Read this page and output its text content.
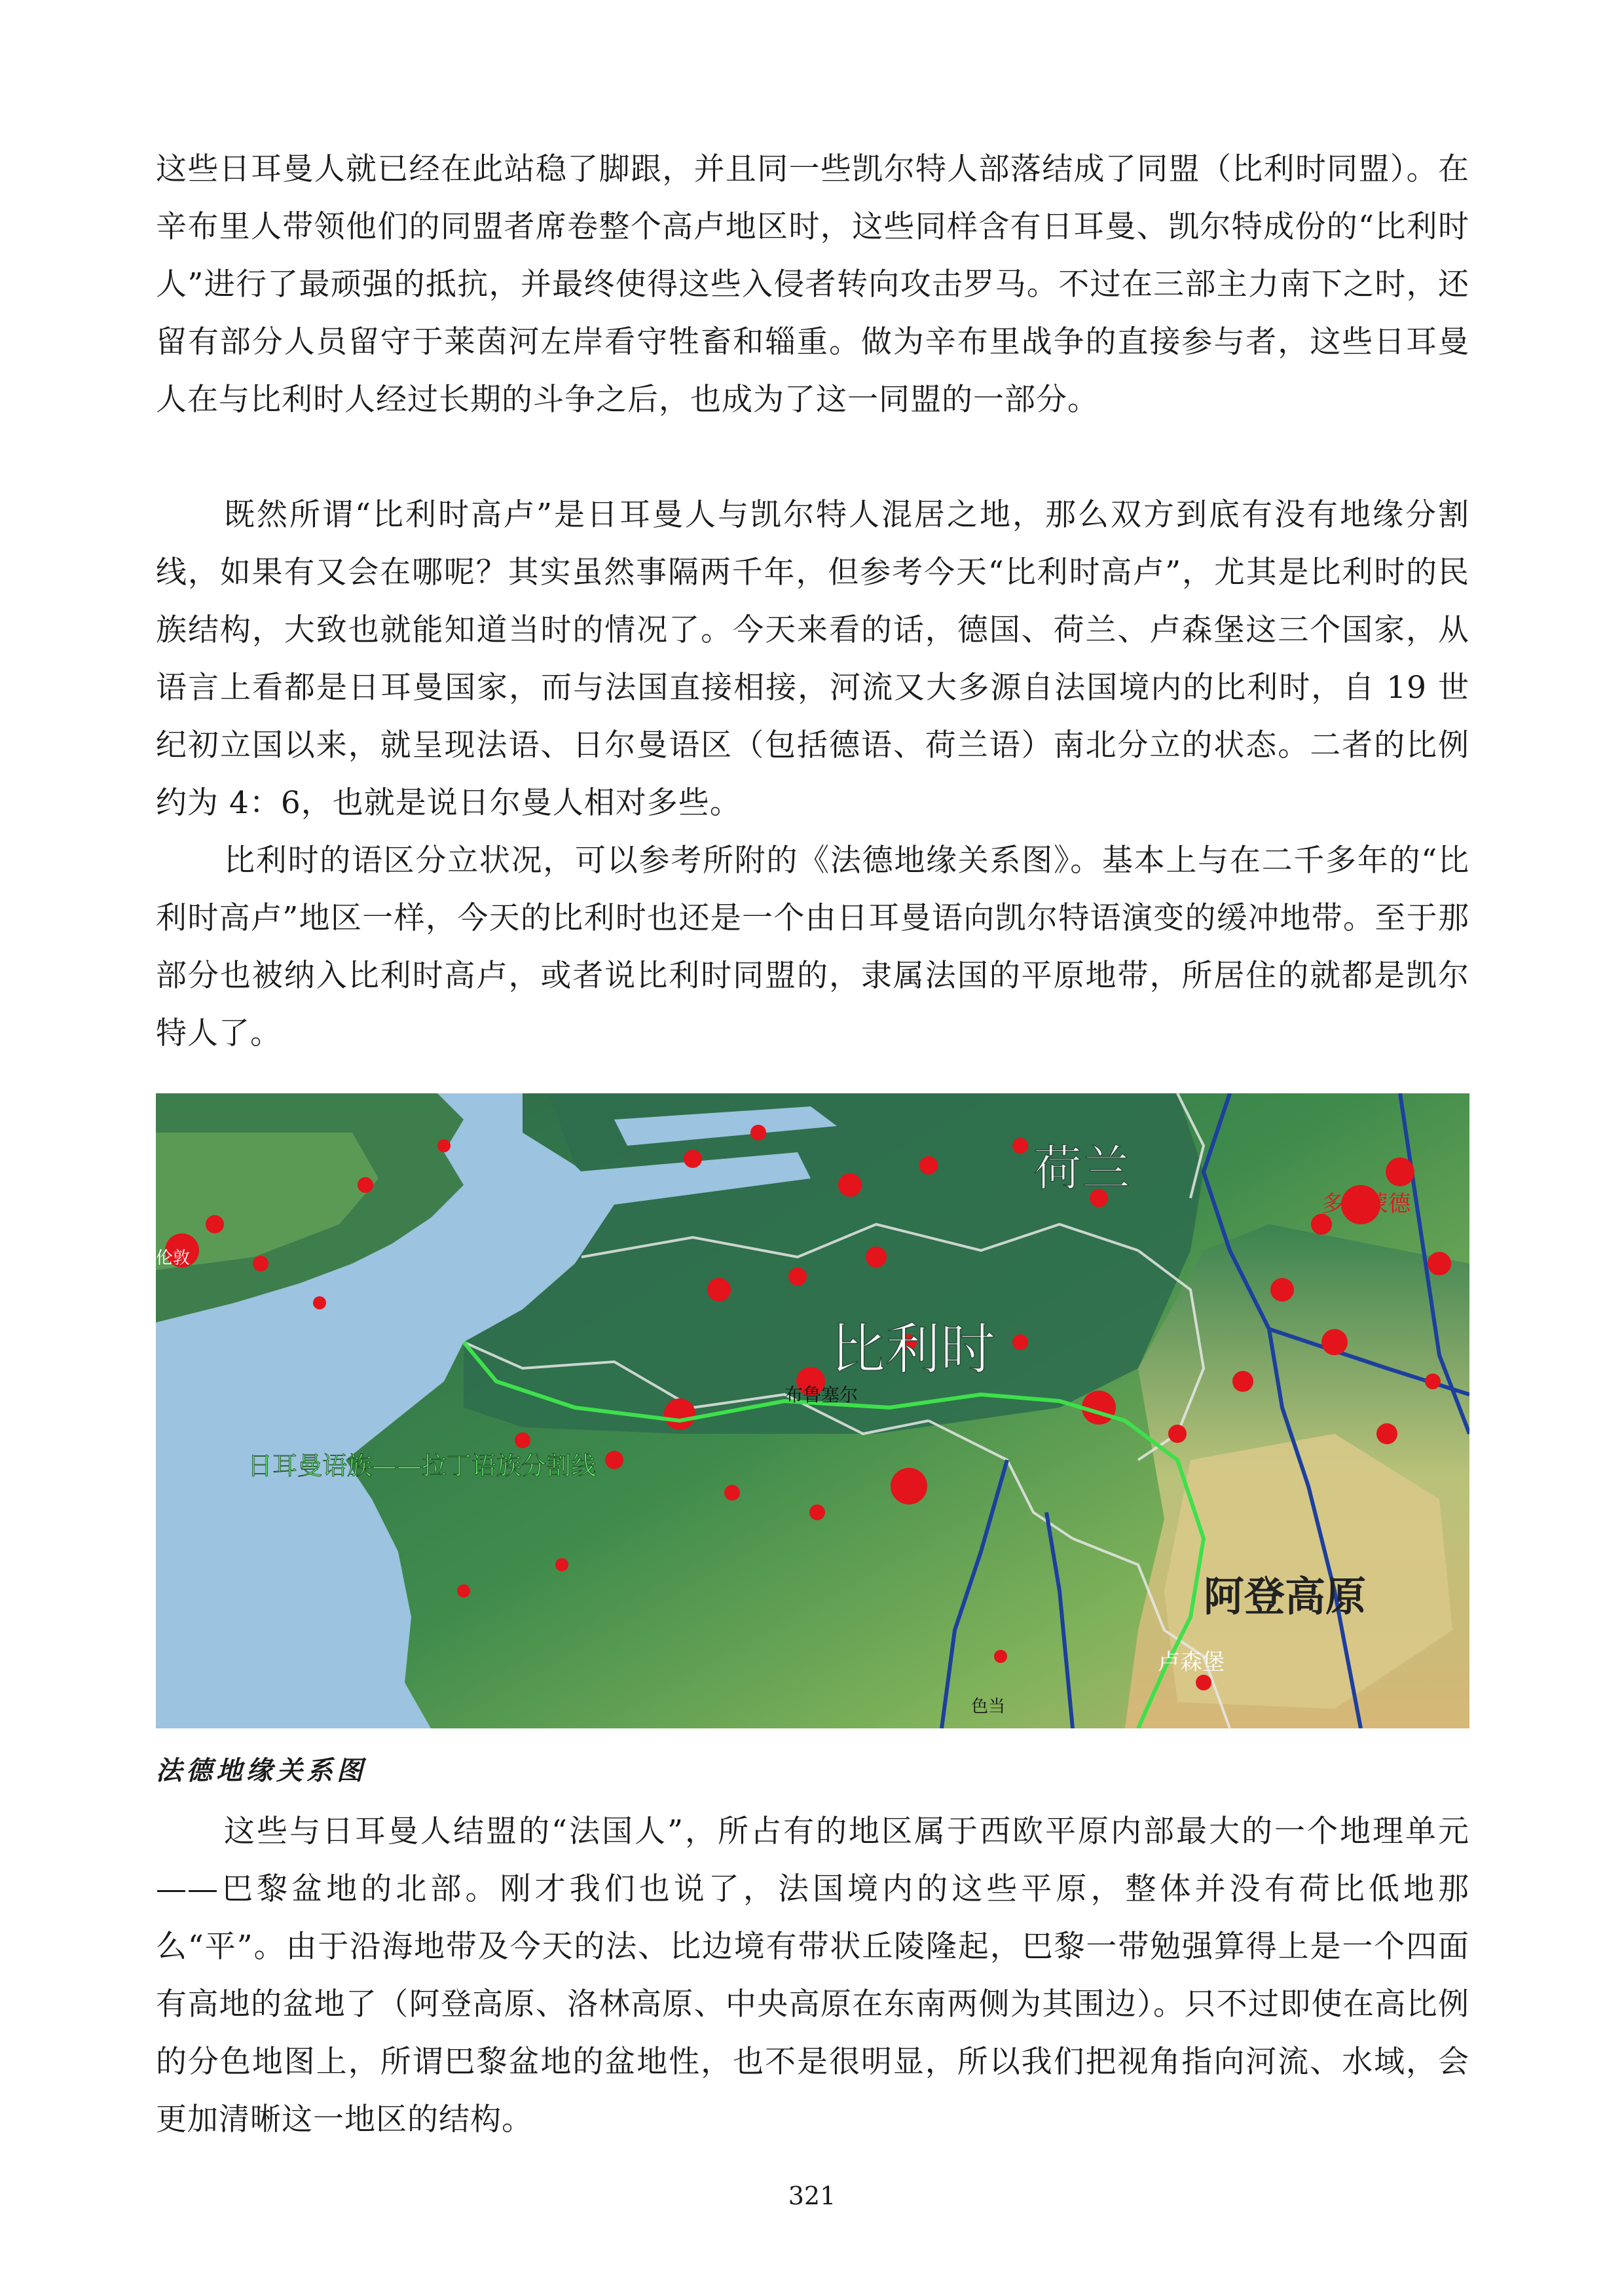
这些日耳曼人就已经在此站稳了脚跟，并且同一些凯尔特人部落结成了同盟（比利时同盟）。在辛布里人带领他们的同盟者席卷整个高卢地区时，这些同样含有日耳曼、凯尔特成份的“比利时人”进行了最顽强的抵抗，并最终使得这些入侵者转向攻击罗马。不过在三部主力南下之时，还留有部分人员留守于莱茵河左岸看守牲畜和辎重。做为辛布里战争的直接参与者，这些日耳曼人在与比利时人经过长期的斗争之后，也成为了这一同盟的一部分。

既然所谓“比利时高卢”是日耳曼人与凯尔特人混居之地，那么双方到底有没有地缘分割线，如果有又会在哪呢？其实虽然事隔两千年，但参考今天“比利时高卢”，尤其是比利时的民族结构，大致也就能知道当时的情况了。今天来看的话，德国、荷兰、卢森堡这三个国家，从语言上看都是日耳曼国家，而与法国直接相接，河流又大多源自法国境内的比利时，自 19 世纪初立国以来，就呈现法语、日尔曼语区（包括德语、荷兰语）南北分立的状态。二者的比例约为 4：6，也就是说日尔曼人相对多些。

比利时的语区分立状况，可以参考所附的《法德地缘关系图》。基本上与在二千多年的“比利时高卢”地区一样，今天的比利时也还是一个由日耳曼语向凯尔特语演变的缓冲地带。至于那部分也被纳入比利时高卢，或者说比利时同盟的，隶属法国的平原地带，所居住的就都是凯尔特人了。

荷兰
比利时
阿登高原
伦敦
布鲁塞尔
多特蒙德
卢森堡
色当
日耳曼语族——拉丁语族分割线

法德地缘关系图

这些与日耳曼人结盟的“法国人”，所占有的地区属于西欧平原内部最大的一个地理单元——巴黎盆地的北部。刚才我们也说了，法国境内的这些平原，整体并没有荷比低地那么“平”。由于沿海地带及今天的法、比边境有带状丘陵隆起，巴黎一带勉强算得上是一个四面有高地的盆地了（阿登高原、洛林高原、中央高原在东南两侧为其围边）。只不过即使在高比例的分色地图上，所谓巴黎盆地的盆地性，也不是很明显，所以我们把视角指向河流、水域，会更加清晰这一地区的结构。

321
